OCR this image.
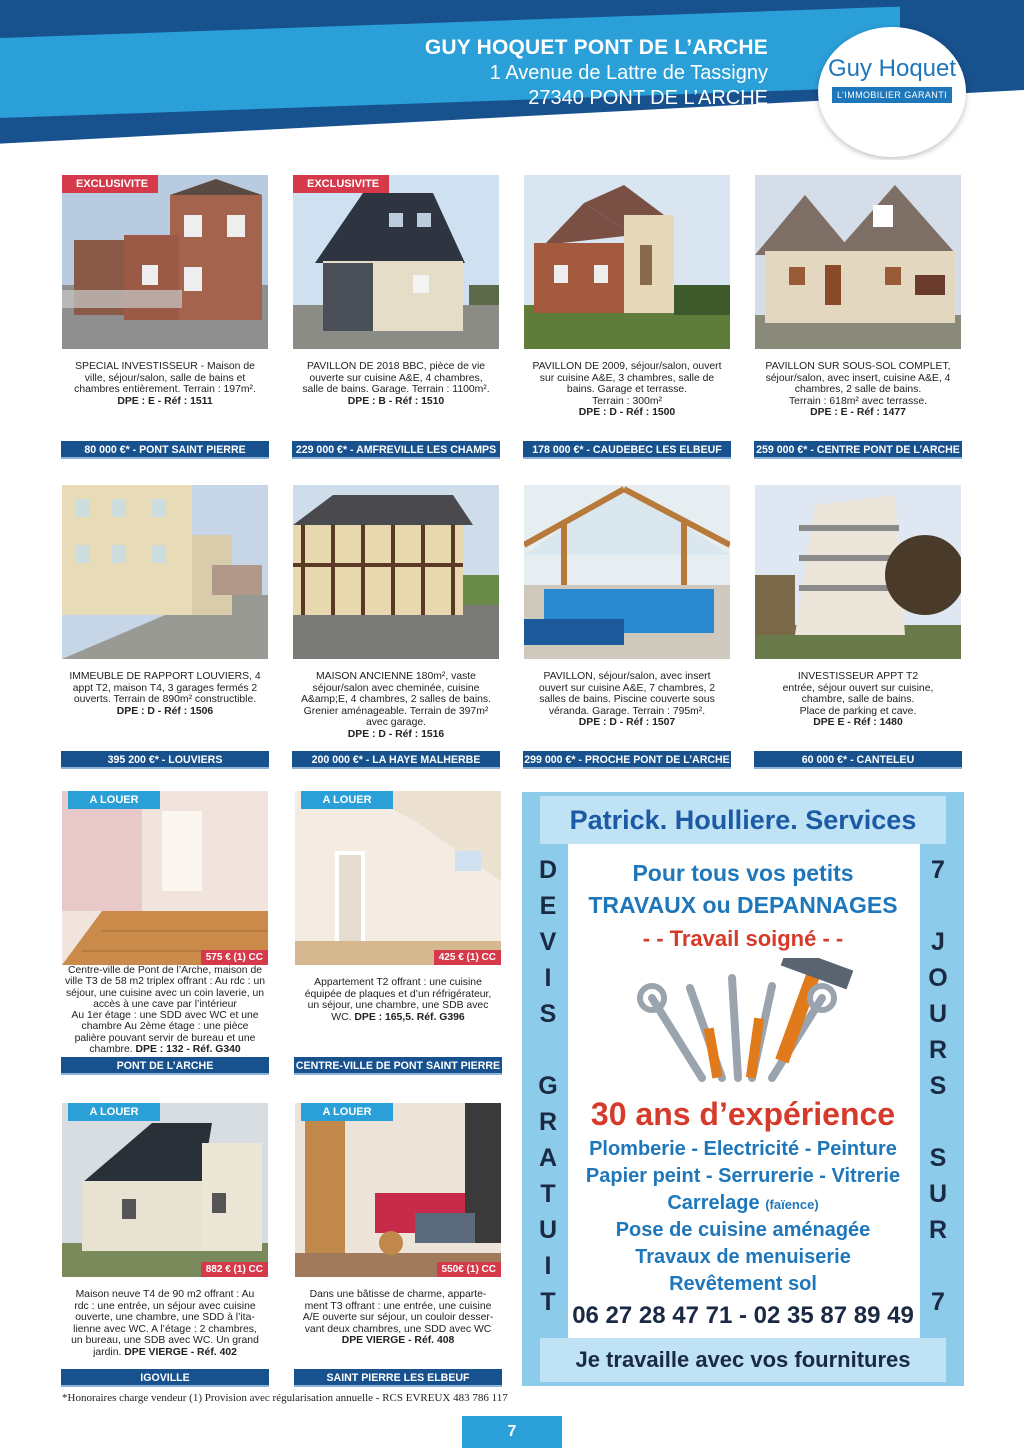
GUY HOQUET PONT DE L’ARCHE
1 Avenue de Lattre de Tassigny
27340 PONT DE L’ARCHE
Tél. : 02 35 02 12 24
Guy Hoquet
L’IMMOBILIER GARANTI
EXCLUSIVITE
SPECIAL INVESTISSEUR - Maison de
ville, séjour/salon, salle de bains et
chambres entièrement. Terrain : 197m².
DPE : E - Réf : 1511
80 000 €* - PONT SAINT PIERRE
EXCLUSIVITE
PAVILLON DE 2018 BBC, pièce de vie
ouverte sur cuisine A&E, 4 chambres,
salle de bains. Garage. Terrain : 1100m².
DPE : B - Réf : 1510
229 000 €* - AMFREVILLE LES CHAMPS
PAVILLON DE 2009, séjour/salon, ouvert
sur cuisine A&E, 3 chambres, salle de
bains. Garage et terrasse.
Terrain : 300m²
DPE : D - Réf : 1500
178 000 €* - CAUDEBEC LES ELBEUF
PAVILLON SUR SOUS-SOL COMPLET,
séjour/salon, avec insert, cuisine A&E, 4
chambres, 2 salle de bains.
Terrain : 618m² avec terrasse.
DPE : E - Réf : 1477
259 000 €* - CENTRE PONT DE L’ARCHE
IMMEUBLE DE RAPPORT LOUVIERS, 4
appt T2, maison T4, 3 garages fermés 2
ouverts. Terrain de 890m² constructible.
DPE : D - Réf : 1506
395 200 €* - LOUVIERS
MAISON ANCIENNE 180m², vaste
séjour/salon avec cheminée, cuisine
A&amp;E, 4 chambres, 2 salles de bains.
Grenier aménageable. Terrain de 397m²
avec garage.
DPE : D - Réf : 1516
200 000 €* - LA HAYE MALHERBE
PAVILLON, séjour/salon, avec insert
ouvert sur cuisine A&E, 7 chambres, 2
salles de bains. Piscine couverte sous
véranda. Garage. Terrain : 795m².
DPE : D - Réf : 1507
299 000 €* - PROCHE PONT DE L’ARCHE
INVESTISSEUR APPT T2
entrée, séjour ouvert sur cuisine,
chambre, salle de bains.
Place de parking et cave.
DPE E - Réf : 1480
60 000 €* - CANTELEU
A LOUER
575 € (1) CC
Centre-ville de Pont de l’Arche, maison de
ville T3 de 58 m2 triplex offrant : Au rdc : un
séjour, une cuisine avec un coin laverie, un
accès à une cave par l’intérieur
Au 1er étage : une SDD avec WC et une
chambre Au 2ème étage : une pièce
palière pouvant servir de bureau et une
chambre. DPE : 132 - Réf. G340
PONT DE L’ARCHE
A LOUER
425 € (1) CC
Appartement T2 offrant : une cuisine
équipée de plaques et d’un réfrigérateur,
un séjour, une chambre, une SDB avec
WC. DPE : 165,5. Réf. G396
CENTRE-VILLE DE PONT SAINT PIERRE
A LOUER
882 € (1) CC
Maison neuve T4 de 90 m2 offrant : Au
rdc : une entrée, un séjour avec cuisine
ouverte, une chambre, une SDD à l’ita-
lienne avec WC. A l’étage : 2 chambres,
un bureau, une SDB avec WC. Un grand
jardin. DPE VIERGE - Réf. 402
IGOVILLE
A LOUER
550€ (1) CC
Dans une bâtisse de charme, apparte-
ment T3 offrant : une entrée, une cuisine
A/E ouverte sur séjour, un couloir desser-
vant deux chambres, une SDD avec WC
DPE VIERGE - Réf. 408
SAINT PIERRE LES ELBEUF
Patrick. Houlliere. Services
D
E
V
I
S

G
R
A
T
U
I
T
7

J
O
U
R
S

S
U
R

7
Pour tous vos petits
TRAVAUX ou DEPANNAGES
- - Travail soigné - -
30 ans d’expérience
Plomberie - Electricité - Peinture
Papier peint - Serrurerie - Vitrerie
Carrelage (faïence)
Pose de cuisine aménagée
Travaux de menuiserie
Revêtement sol
06 27 28 47 71 - 02 35 87 89 49
Je travaille avec vos fournitures
*Honoraires charge vendeur (1) Provision avec régularisation annuelle - RCS EVREUX 483 786 117
7
